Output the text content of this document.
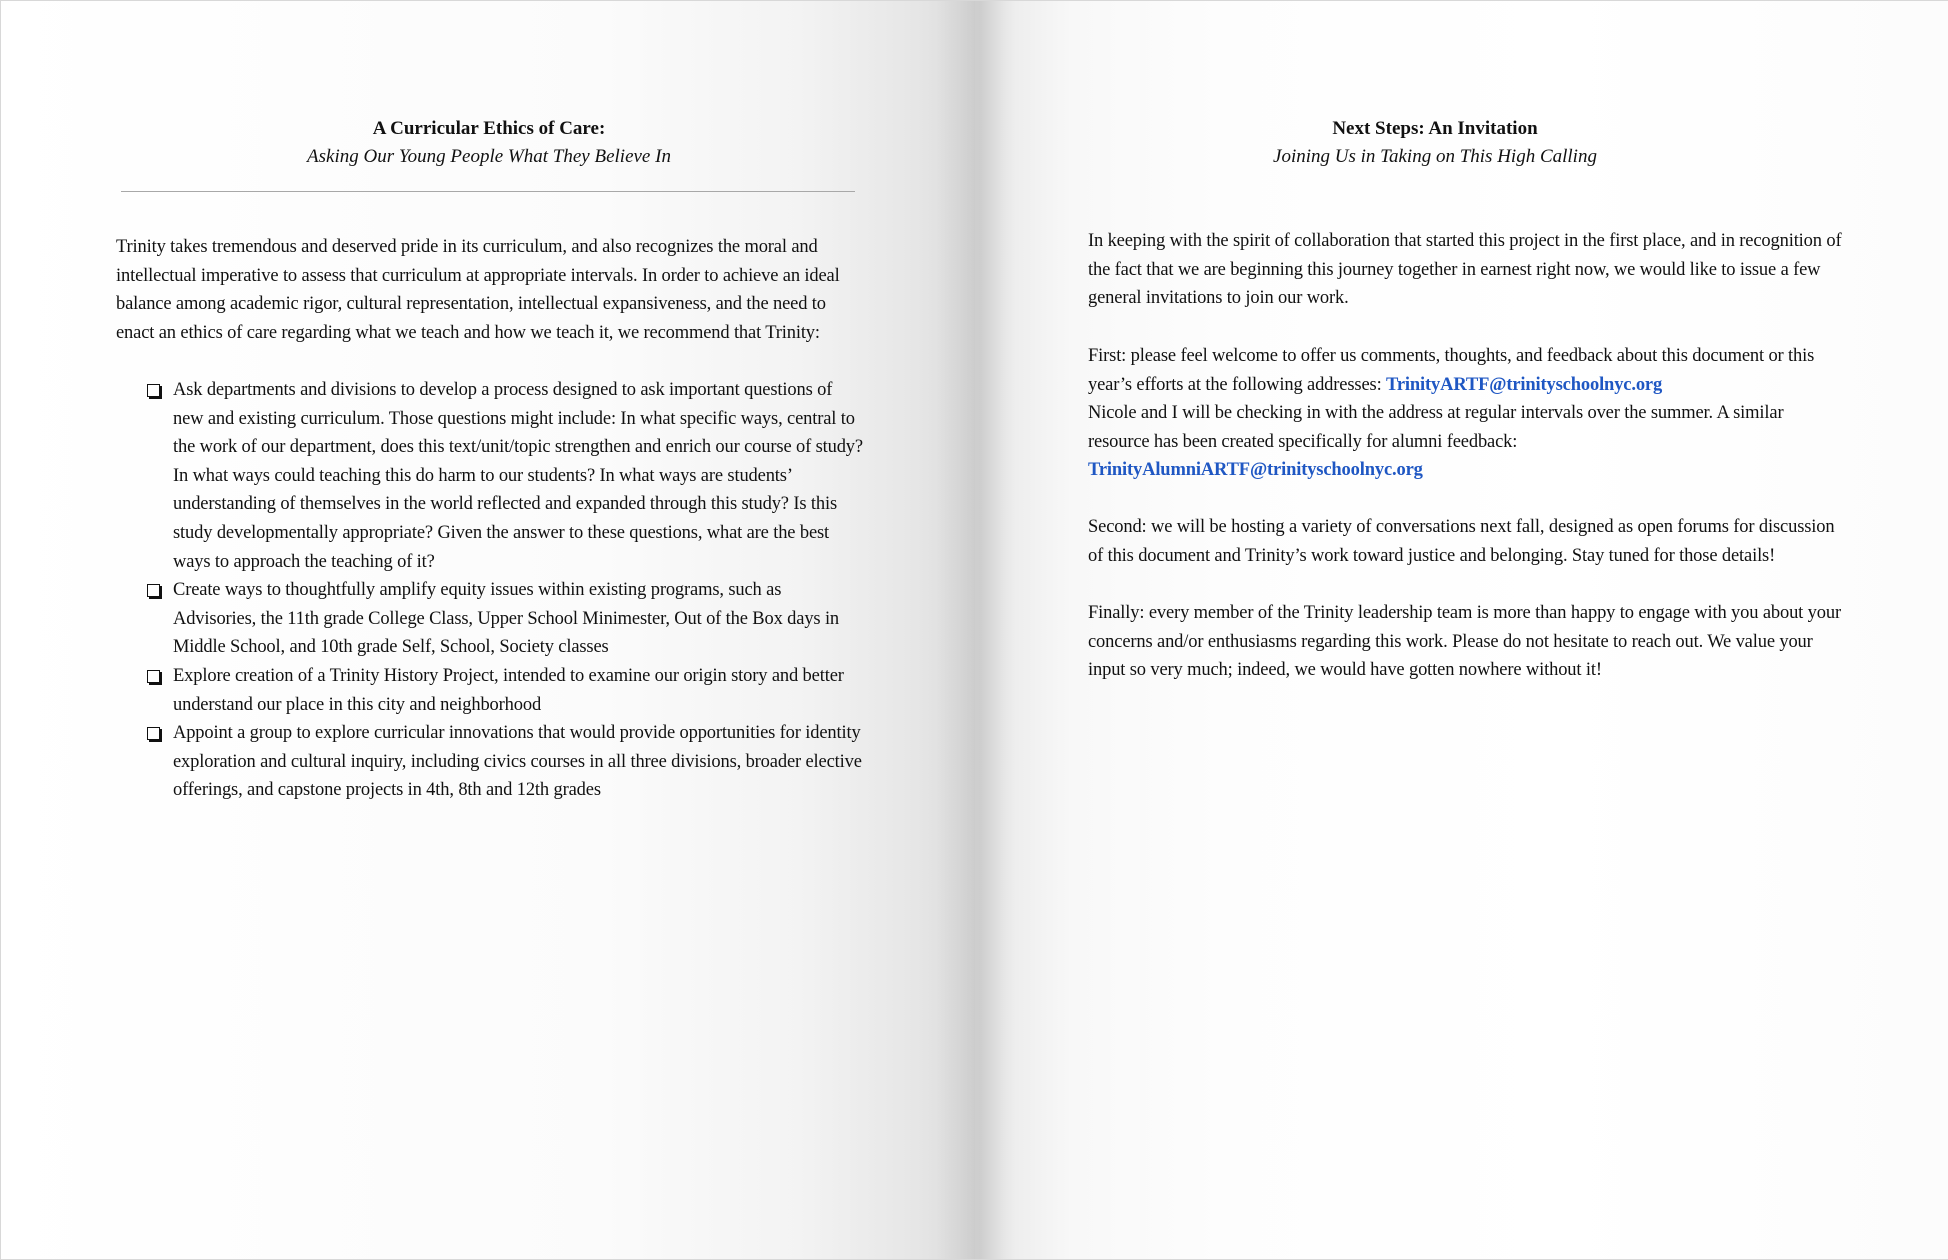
A Curricular Ethics of Care:
Asking Our Young People What They Believe In
Trinity takes tremendous and deserved pride in its curriculum, and also recognizes the moral and intellectual imperative to assess that curriculum at appropriate intervals. In order to achieve an ideal balance among academic rigor, cultural representation, intellectual expansiveness, and the need to enact an ethics of care regarding what we teach and how we teach it, we recommend that Trinity:
Ask departments and divisions to develop a process designed to ask important questions of new and existing curriculum. Those questions might include: In what specific ways, central to the work of our department, does this text/unit/topic strengthen and enrich our course of study? In what ways could teaching this do harm to our students? In what ways are students’ understanding of themselves in the world reflected and expanded through this study? Is this study developmentally appropriate? Given the answer to these questions, what are the best ways to approach the teaching of it?
Create ways to thoughtfully amplify equity issues within existing programs, such as Advisories, the 11th grade College Class, Upper School Minimester, Out of the Box days in Middle School, and 10th grade Self, School, Society classes
Explore creation of a Trinity History Project, intended to examine our origin story and better understand our place in this city and neighborhood
Appoint a group to explore curricular innovations that would provide opportunities for identity exploration and cultural inquiry, including civics courses in all three divisions, broader elective offerings, and capstone projects in 4th, 8th and 12th grades
Next Steps: An Invitation
Joining Us in Taking on This High Calling
In keeping with the spirit of collaboration that started this project in the first place, and in recognition of the fact that we are beginning this journey together in earnest right now, we would like to issue a few general invitations to join our work.
First: please feel welcome to offer us comments, thoughts, and feedback about this document or this year’s efforts at the following addresses: TrinityARTF@trinityschoolnyc.org
Nicole and I will be checking in with the address at regular intervals over the summer. A similar resource has been created specifically for alumni feedback:
TrinityAlumniARTF@trinityschoolnyc.org
Second: we will be hosting a variety of conversations next fall, designed as open forums for discussion of this document and Trinity’s work toward justice and belonging. Stay tuned for those details!
Finally: every member of the Trinity leadership team is more than happy to engage with you about your concerns and/or enthusiasms regarding this work. Please do not hesitate to reach out. We value your input so very much; indeed, we would have gotten nowhere without it!
